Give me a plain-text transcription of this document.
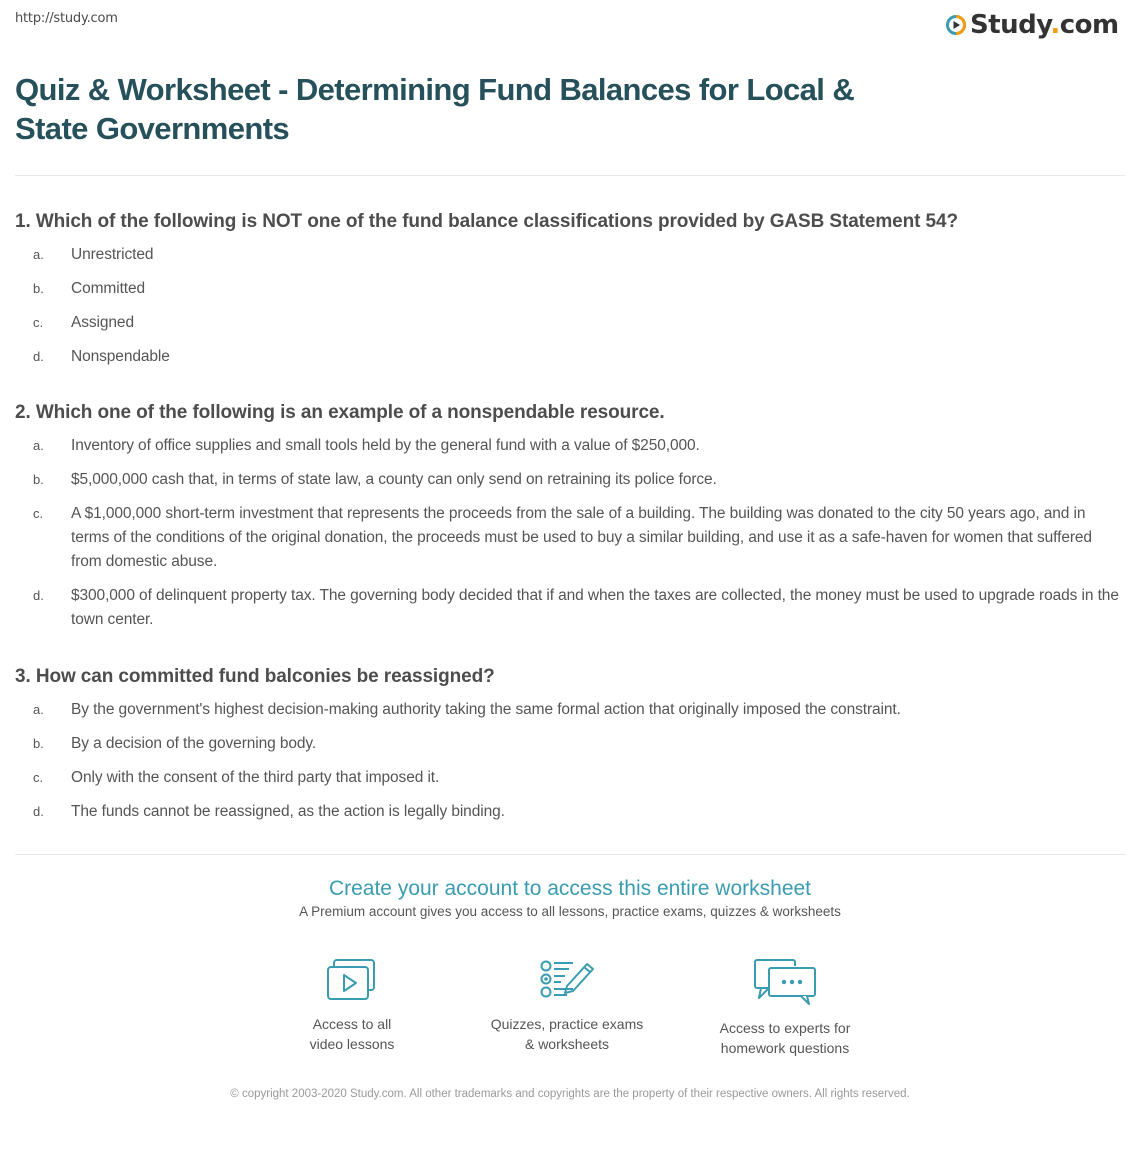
http://study.com	Study.com
Quiz & Worksheet - Determining Fund Balances for Local & State Governments
1. Which of the following is NOT one of the fund balance classifications provided by GASB Statement 54?
a.	Unrestricted
b.	Committed
c.	Assigned
d.	Nonspendable
2. Which one of the following is an example of a nonspendable resource.
a.	Inventory of office supplies and small tools held by the general fund with a value of $250,000.
b.	$5,000,000 cash that, in terms of state law, a county can only send on retraining its police force.
c.	A $1,000,000 short-term investment that represents the proceeds from the sale of a building. The building was donated to the city 50 years ago, and in terms of the conditions of the original donation, the proceeds must be used to buy a similar building, and use it as a safe-haven for women that suffered from domestic abuse.
d.	$300,000 of delinquent property tax. The governing body decided that if and when the taxes are collected, the money must be used to upgrade roads in the town center.
3. How can committed fund balconies be reassigned?
a.	By the government's highest decision-making authority taking the same formal action that originally imposed the constraint.
b.	By a decision of the governing body.
c.	Only with the consent of the third party that imposed it.
d.	The funds cannot be reassigned, as the action is legally binding.
Create your account to access this entire worksheet
A Premium account gives you access to all lessons, practice exams, quizzes & worksheets
Access to all
video lessons
Quizzes, practice exams
& worksheets
Access to experts for
homework questions
© copyright 2003-2020 Study.com. All other trademarks and copyrights are the property of their respective owners. All rights reserved.
